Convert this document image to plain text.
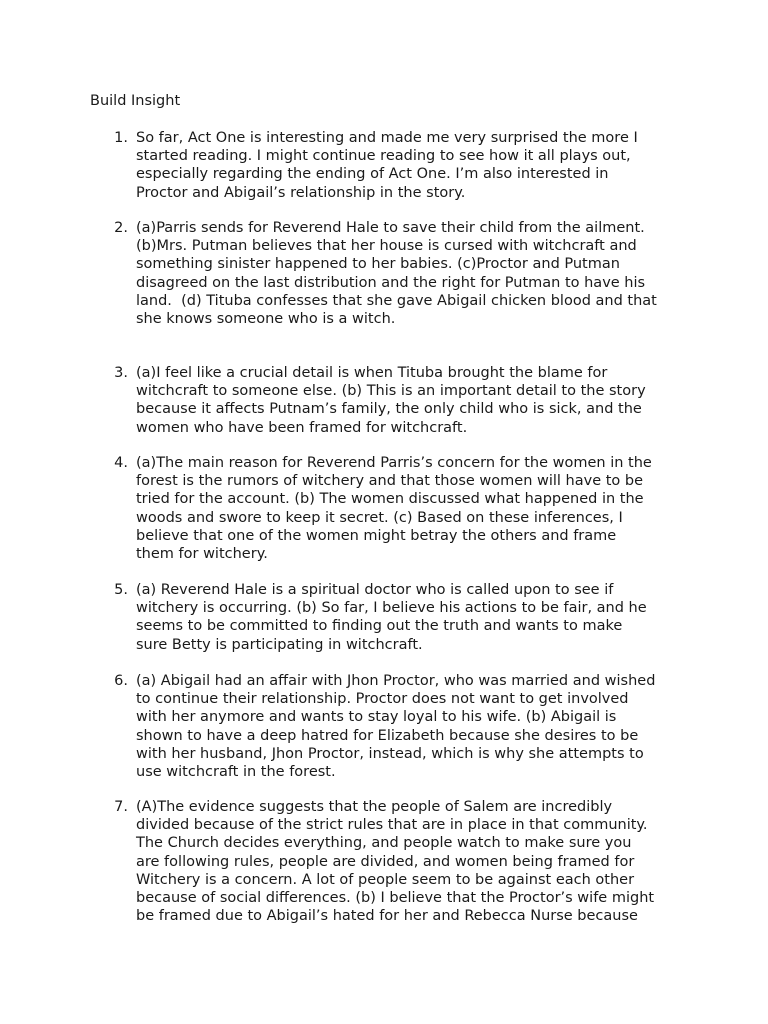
Build Insight
1. So far, Act One is interesting and made me very surprised the more I
started reading. I might continue reading to see how it all plays out,
especially regarding the ending of Act One. I’m also interested in
Proctor and Abigail’s relationship in the story.
2. (a)Parris sends for Reverend Hale to save their child from the ailment.
(b)Mrs. Putman believes that her house is cursed with witchcraft and
something sinister happened to her babies. (c)Proctor and Putman
disagreed on the last distribution and the right for Putman to have his
land.  (d) Tituba confesses that she gave Abigail chicken blood and that
she knows someone who is a witch.
3. (a)I feel like a crucial detail is when Tituba brought the blame for
witchcraft to someone else. (b) This is an important detail to the story
because it affects Putnam’s family, the only child who is sick, and the
women who have been framed for witchcraft.
4. (a)The main reason for Reverend Parris’s concern for the women in the
forest is the rumors of witchery and that those women will have to be
tried for the account. (b) The women discussed what happened in the
woods and swore to keep it secret. (c) Based on these inferences, I
believe that one of the women might betray the others and frame
them for witchery.
5. (a) Reverend Hale is a spiritual doctor who is called upon to see if
witchery is occurring. (b) So far, I believe his actions to be fair, and he
seems to be committed to finding out the truth and wants to make
sure Betty is participating in witchcraft.
6. (a) Abigail had an affair with Jhon Proctor, who was married and wished
to continue their relationship. Proctor does not want to get involved
with her anymore and wants to stay loyal to his wife. (b) Abigail is
shown to have a deep hatred for Elizabeth because she desires to be
with her husband, Jhon Proctor, instead, which is why she attempts to
use witchcraft in the forest.
7. (A)The evidence suggests that the people of Salem are incredibly
divided because of the strict rules that are in place in that community.
The Church decides everything, and people watch to make sure you
are following rules, people are divided, and women being framed for
Witchery is a concern. A lot of people seem to be against each other
because of social differences. (b) I believe that the Proctor’s wife might
be framed due to Abigail’s hated for her and Rebecca Nurse because
